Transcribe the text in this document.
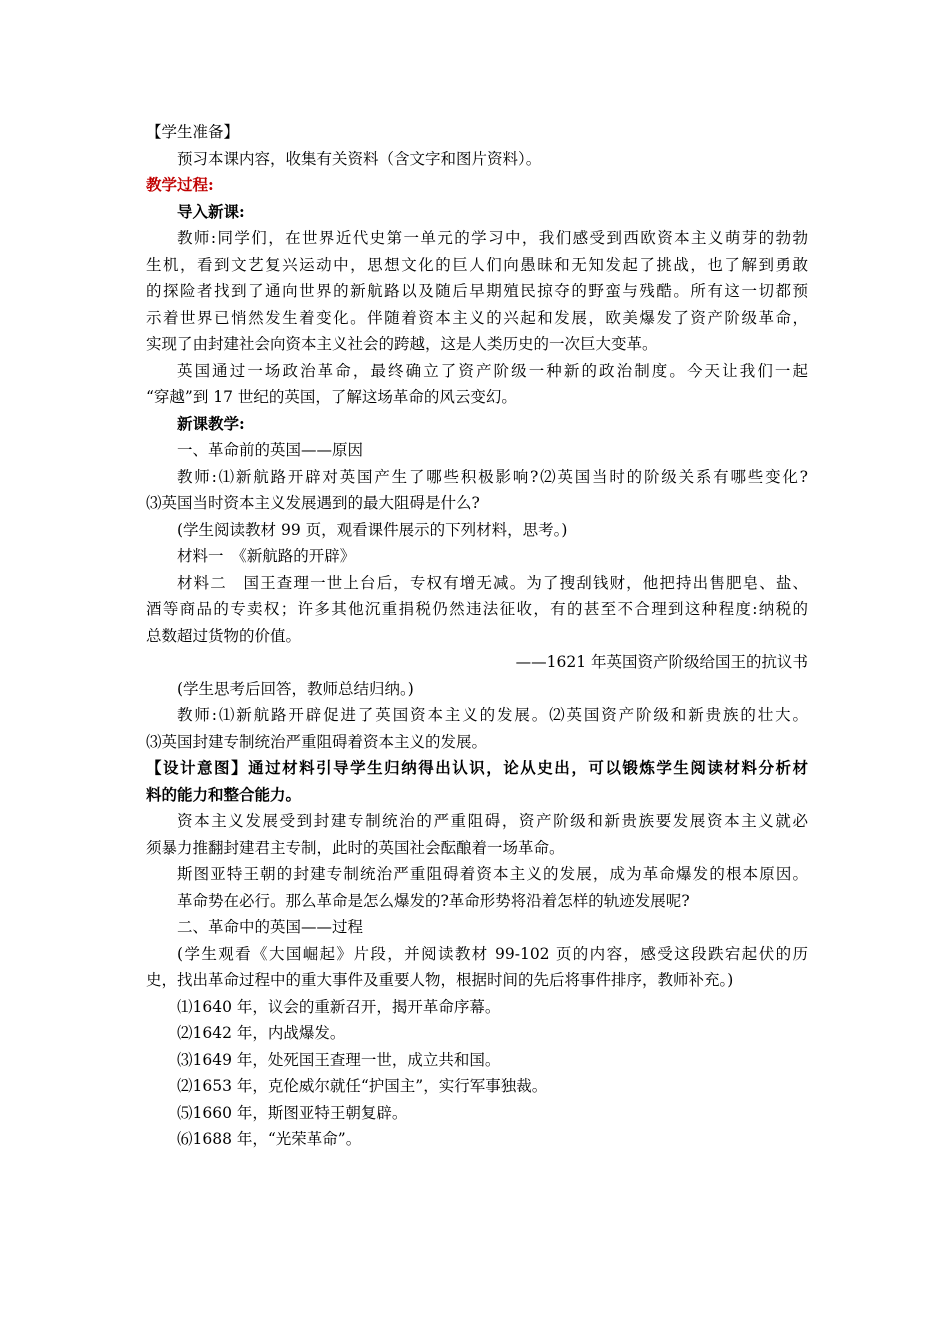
【学生准备】
预习本课内容，收集有关资料（含文字和图片资料）。
教学过程:
导入新课:
教师:同学们，在世界近代史第一单元的学习中，我们感受到西欧资本主义萌芽的勃勃
生机，看到文艺复兴运动中，思想文化的巨人们向愚昧和无知发起了挑战，也了解到勇敢
的探险者找到了通向世界的新航路以及随后早期殖民掠夺的野蛮与残酷。所有这一切都预
示着世界已悄然发生着变化。伴随着资本主义的兴起和发展，欧美爆发了资产阶级革命，
实现了由封建社会向资本主义社会的跨越，这是人类历史的一次巨大变革。
英国通过一场政治革命，最终确立了资产阶级一种新的政治制度。今天让我们一起
“穿越”到 17 世纪的英国，了解这场革命的风云变幻。
新课教学:
一、革命前的英国——原因
教师:⑴新航路开辟对英国产生了哪些积极影响?⑵英国当时的阶级关系有哪些变化?
⑶英国当时资本主义发展遇到的最大阻碍是什么?
(学生阅读教材 99 页，观看课件展示的下列材料，思考。)
材料一　《新航路的开辟》
材料二　国王查理一世上台后，专权有增无减。为了搜刮钱财，他把持出售肥皂、盐、
酒等商品的专卖权；许多其他沉重捐税仍然违法征收，有的甚至不合理到这种程度:纳税的
总数超过货物的价值。
——1621 年英国资产阶级给国王的抗议书
(学生思考后回答，教师总结归纳。)
教师:⑴新航路开辟促进了英国资本主义的发展。⑵英国资产阶级和新贵族的壮大。
⑶英国封建专制统治严重阻碍着资本主义的发展。
【设计意图】通过材料引导学生归纳得出认识，论从史出，可以锻炼学生阅读材料分析材
料的能力和整合能力。
资本主义发展受到封建专制统治的严重阻碍，资产阶级和新贵族要发展资本主义就必
须暴力推翻封建君主专制，此时的英国社会酝酿着一场革命。
斯图亚特王朝的封建专制统治严重阻碍着资本主义的发展，成为革命爆发的根本原因。
革命势在必行。那么革命是怎么爆发的?革命形势将沿着怎样的轨迹发展呢?
二、革命中的英国——过程
(学生观看《大国崛起》片段，并阅读教材 99-102 页的内容，感受这段跌宕起伏的历
史，找出革命过程中的重大事件及重要人物，根据时间的先后将事件排序，教师补充。)
⑴1640 年，议会的重新召开，揭开革命序幕。
⑵1642 年，内战爆发。
⑶1649 年，处死国王查理一世，成立共和国。
⑵1653 年，克伦威尔就任“护国主”，实行军事独裁。
⑸1660 年，斯图亚特王朝复辟。
⑹1688 年，“光荣革命”。
